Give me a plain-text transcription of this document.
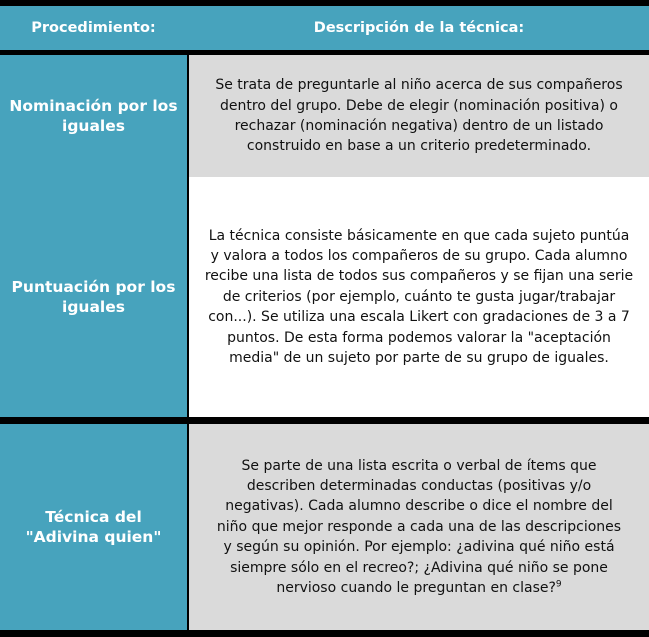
Procedimiento:	Descripción de la técnica:
Nominación por los iguales
Se trata de preguntarle al niño acerca de sus compañeros dentro del grupo. Debe de elegir (nominación positiva) o rechazar (nominación negativa) dentro de un listado construido en base a un criterio predeterminado.
Puntuación por los iguales
La técnica consiste básicamente en que cada sujeto puntúa y valora a todos los compañeros de su grupo. Cada alumno recibe una lista de todos sus compañeros y se fijan una serie de criterios (por ejemplo, cuánto te gusta jugar/trabajar con...). Se utiliza una escala Likert con gradaciones de 3 a 7 puntos. De esta forma podemos valorar la "aceptación media" de un sujeto por parte de su grupo de iguales.
Técnica del "Adivina quien"
Se parte de una lista escrita o verbal de ítems que describen determinadas conductas (positivas y/o negativas). Cada alumno describe o dice el nombre del niño que mejor responde a cada una de las descripciones y según su opinión. Por ejemplo: ¿adivina qué niño está siempre sólo en el recreo?; ¿Adivina qué niño se pone nervioso cuando le preguntan en clase?$^9$
